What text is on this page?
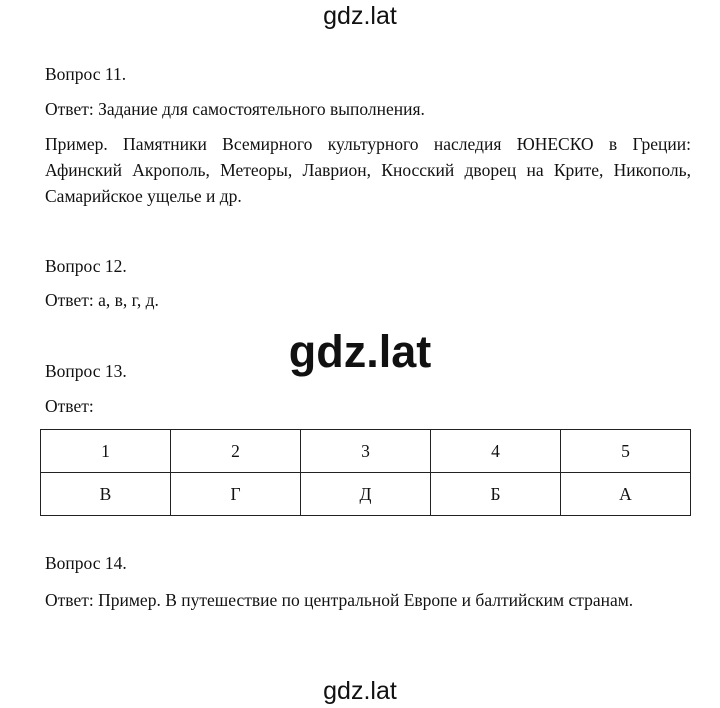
gdz.lat
Вопрос 11.
Ответ: Задание для самостоятельного выполнения.
Пример. Памятники Всемирного культурного наследия ЮНЕСКО в Греции: Афинский Акрополь, Метеоры, Лаврион, Кносский дворец на Крите, Никополь, Самарийское ущелье и др.
Вопрос 12.
Ответ: а, в, г, д.
gdz.lat
Вопрос 13.
Ответ:
1	2	3	4	5
В	Г	Д	Б	А
Вопрос 14.
Ответ: Пример. В путешествие по центральной Европе и балтийским странам.
gdz.lat
